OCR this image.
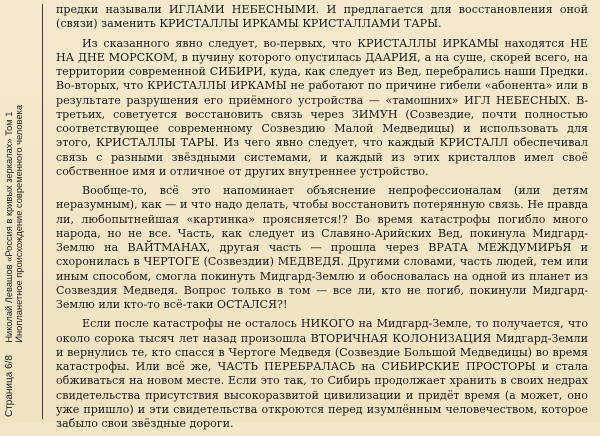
Николай Левашов «Россия в кривых зеркалах» Том 1 Инопланетное происхождение современного человека
Страница 6/8

предки называли ИГЛАМИ НЕБЕСНЫМИ. И предлагается для восстановления оной (связи) заменить КРИСТАЛЛЫ ИРКАМЫ КРИСТАЛЛАМИ ТАРЫ.

Из сказанного явно следует, во-первых, что КРИСТАЛЛЫ ИРКАМЫ находятся НЕ НА ДНЕ МОРСКОМ, в пучину которого опустилась ДААРИЯ, а на суше, скорей всего, на территории современной СИБИРИ, куда, как следует из Вед, перебрались наши Предки. Во-вторых, что КРИСТАЛЛЫ ИРКАМЫ не работают по причине гибели «абонента» или в результате разрушения его приёмного устройства — «тамошних» ИГЛ НЕБЕСНЫХ. В-третьих, советуется восстановить связь через ЗИМУН (Созвездие, почти полностью соответствующее современному Созвездию Малой Медведицы) и использовать для этого, КРИСТАЛЛЫ ТАРЫ. Из чего явно следует, что каждый КРИСТАЛЛ обеспечивал связь с разными звёздными системами, и каждый из этих кристаллов имел своё собственное имя и отличное от других внутреннее устройство.

Вообще-то, всё это напоминает объяснение непрофессионалам (или детям неразумным), как — и что надо делать, чтобы восстановить потерянную связь. Не правда ли, любопытнейшая «картинка» проясняется!? Во время катастрофы погибло много народа, но не все. Часть, как следует из Славяно-Арийских Вед, покинула Мидгард-Землю на ВАЙТМАНАХ, другая часть — прошла через ВРАТА МЕЖДУМИРЬЯ и схоронилась в ЧЕРТОГЕ (Созвездии) МЕДВЕДЯ. Другими словами, часть людей, тем или иным способом, смогла покинуть Мидгард-Землю и обосновалась на одной из планет из Созвездия Медведя. Вопрос только в том — все ли, кто не погиб, покинули Мидгард-Землю или кто-то всё-таки ОСТАЛСЯ?!

Если после катастрофы не осталось НИКОГО на Мидгард-Земле, то получается, что около сорока тысяч лет назад произошла ВТОРИЧНАЯ КОЛОНИЗАЦИЯ Мидгард-Земли и вернулись те, кто спасся в Чертоге Медведя (Созвездие Большой Медведицы) во время катастрофы. Или всё же, ЧАСТЬ ПЕРЕБРАЛАСЬ на СИБИРСКИЕ ПРОСТОРЫ и стала обживаться на новом месте. Если это так, то Сибирь продолжает хранить в своих недрах свидетельства присутствия высокоразвитой цивилизации и придёт время (а может, оно уже пришло) и эти свидетельства откроются перед изумлённым человечеством, которое забыло свои звёздные дороги.
